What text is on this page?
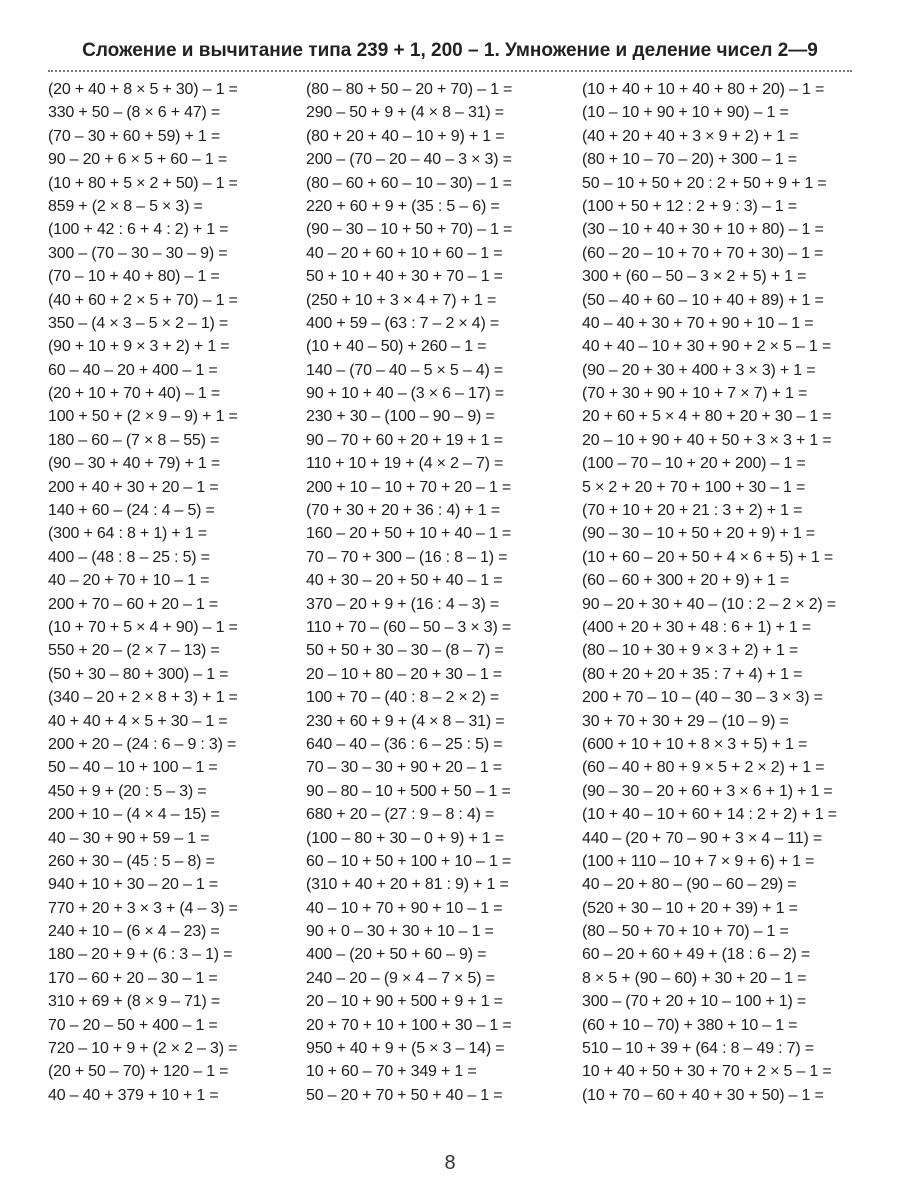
Сложение и вычитание типа 239 + 1, 200 – 1. Умножение и деление чисел 2—9
(20 + 40 + 8 × 5 + 30) – 1 =
330 + 50 – (8 × 6 + 47) =
(70 – 30 + 60 + 59) + 1 =
90 – 20 + 6 × 5 + 60 – 1 =
(10 + 80 + 5 × 2 + 50) – 1 =
859 + (2 × 8 – 5 × 3) =
(100 + 42 : 6 + 4 : 2) + 1 =
300 – (70 – 30 – 30 – 9) =
(70 – 10 + 40 + 80) – 1 =
(40 + 60 + 2 × 5 + 70) – 1 =
350 – (4 × 3 – 5 × 2 – 1) =
(90 + 10 + 9 × 3 + 2) + 1 =
60 – 40 – 20 + 400 – 1 =
(20 + 10 + 70 + 40) – 1 =
100 + 50 + (2 × 9 – 9) + 1 =
180 – 60 – (7 × 8 – 55) =
(90 – 30 + 40 + 79) + 1 =
200 + 40 + 30 + 20 – 1 =
140 + 60 – (24 : 4 – 5) =
(300 + 64 : 8 + 1) + 1 =
400 – (48 : 8 – 25 : 5) =
40 – 20 + 70 + 10 – 1 =
200 + 70 – 60 + 20 – 1 =
(10 + 70 + 5 × 4 + 90) – 1 =
550 + 20 – (2 × 7 – 13) =
(50 + 30 – 80 + 300) – 1 =
(340 – 20 + 2 × 8 + 3) + 1 =
40 + 40 + 4 × 5 + 30 – 1 =
200 + 20 – (24 : 6 – 9 : 3) =
50 – 40 – 10 + 100 – 1 =
450 + 9 + (20 : 5 – 3) =
200 + 10 – (4 × 4 – 15) =
40 – 30 + 90 + 59 – 1 =
260 + 30 – (45 : 5 – 8) =
940 + 10 + 30 – 20 – 1 =
770 + 20 + 3 × 3 + (4 – 3) =
240 + 10 – (6 × 4 – 23) =
180 – 20 + 9 + (6 : 3 – 1) =
170 – 60 + 20 – 30 – 1 =
310 + 69 + (8 × 9 – 71) =
70 – 20 – 50 + 400 – 1 =
720 – 10 + 9 + (2 × 2 – 3) =
(20 + 50 – 70) + 120 – 1 =
40 – 40 + 379 + 10 + 1 =
(80 – 80 + 50 – 20 + 70) – 1 =
290 – 50 + 9 + (4 × 8 – 31) =
(80 + 20 + 40 – 10 + 9) + 1 =
200 – (70 – 20 – 40 – 3 × 3) =
(80 – 60 + 60 – 10 – 30) – 1 =
220 + 60 + 9 + (35 : 5 – 6) =
(90 – 30 – 10 + 50 + 70) – 1 =
40 – 20 + 60 + 10 + 60 – 1 =
50 + 10 + 40 + 30 + 70 – 1 =
(250 + 10 + 3 × 4 + 7) + 1 =
400 + 59 – (63 : 7 – 2 × 4) =
(10 + 40 – 50) + 260 – 1 =
140 – (70 – 40 – 5 × 5 – 4) =
90 + 10 + 40 – (3 × 6 – 17) =
230 + 30 – (100 – 90 – 9) =
90 – 70 + 60 + 20 + 19 + 1 =
110 + 10 + 19 + (4 × 2 – 7) =
200 + 10 – 10 + 70 + 20 – 1 =
(70 + 30 + 20 + 36 : 4) + 1 =
160 – 20 + 50 + 10 + 40 – 1 =
70 – 70 + 300 – (16 : 8 – 1) =
40 + 30 – 20 + 50 + 40 – 1 =
370 – 20 + 9 + (16 : 4 – 3) =
110 + 70 – (60 – 50 – 3 × 3) =
50 + 50 + 30 – 30 – (8 – 7) =
20 – 10 + 80 – 20 + 30 – 1 =
100 + 70 – (40 : 8 – 2 × 2) =
230 + 60 + 9 + (4 × 8 – 31) =
640 – 40 – (36 : 6 – 25 : 5) =
70 – 30 – 30 + 90 + 20 – 1 =
90 – 80 – 10 + 500 + 50 – 1 =
680 + 20 – (27 : 9 – 8 : 4) =
(100 – 80 + 30 – 0 + 9) + 1 =
60 – 10 + 50 + 100 + 10 – 1 =
(310 + 40 + 20 + 81 : 9) + 1 =
40 – 10 + 70 + 90 + 10 – 1 =
90 + 0 – 30 + 30 + 10 – 1 =
400 – (20 + 50 + 60 – 9) =
240 – 20 – (9 × 4 – 7 × 5) =
20 – 10 + 90 + 500 + 9 + 1 =
20 + 70 + 10 + 100 + 30 – 1 =
950 + 40 + 9 + (5 × 3 – 14) =
10 + 60 – 70 + 349 + 1 =
50 – 20 + 70 + 50 + 40 – 1 =
(10 + 40 + 10 + 40 + 80 + 20) – 1 =
(10 – 10 + 90 + 10 + 90) – 1 =
(40 + 20 + 40 + 3 × 9 + 2) + 1 =
(80 + 10 – 70 – 20) + 300 – 1 =
50 – 10 + 50 + 20 : 2 + 50 + 9 + 1 =
(100 + 50 + 12 : 2 + 9 : 3) – 1 =
(30 – 10 + 40 + 30 + 10 + 80) – 1 =
(60 – 20 – 10 + 70 + 70 + 30) – 1 =
300 + (60 – 50 – 3 × 2 + 5) + 1 =
(50 – 40 + 60 – 10 + 40 + 89) + 1 =
40 – 40 + 30 + 70 + 90 + 10 – 1 =
40 + 40 – 10 + 30 + 90 + 2 × 5 – 1 =
(90 – 20 + 30 + 400 + 3 × 3) + 1 =
(70 + 30 + 90 + 10 + 7 × 7) + 1 =
20 + 60 + 5 × 4 + 80 + 20 + 30 – 1 =
20 – 10 + 90 + 40 + 50 + 3 × 3 + 1 =
(100 – 70 – 10 + 20 + 200) – 1 =
5 × 2 + 20 + 70 + 100 + 30 – 1 =
(70 + 10 + 20 + 21 : 3 + 2) + 1 =
(90 – 30 – 10 + 50 + 20 + 9) + 1 =
(10 + 60 – 20 + 50 + 4 × 6 + 5) + 1 =
(60 – 60 + 300 + 20 + 9) + 1 =
90 – 20 + 30 + 40 – (10 : 2 – 2 × 2) =
(400 + 20 + 30 + 48 : 6 + 1) + 1 =
(80 – 10 + 30 + 9 × 3 + 2) + 1 =
(80 + 20 + 20 + 35 : 7 + 4) + 1 =
200 + 70 – 10 – (40 – 30 – 3 × 3) =
30 + 70 + 30 + 29 – (10 – 9) =
(600 + 10 + 10 + 8 × 3 + 5) + 1 =
(60 – 40 + 80 + 9 × 5 + 2 × 2) + 1 =
(90 – 30 – 20 + 60 + 3 × 6 + 1) + 1 =
(10 + 40 – 10 + 60 + 14 : 2 + 2) + 1 =
440 – (20 + 70 – 90 + 3 × 4 – 11) =
(100 + 110 – 10 + 7 × 9 + 6) + 1 =
40 – 20 + 80 – (90 – 60 – 29) =
(520 + 30 – 10 + 20 + 39) + 1 =
(80 – 50 + 70 + 10 + 70) – 1 =
60 – 20 + 60 + 49 + (18 : 6 – 2) =
8 × 5 + (90 – 60) + 30 + 20 – 1 =
300 – (70 + 20 + 10 – 100 + 1) =
(60 + 10 – 70) + 380 + 10 – 1 =
510 – 10 + 39 + (64 : 8 – 49 : 7) =
10 + 40 + 50 + 30 + 70 + 2 × 5 – 1 =
(10 + 70 – 60 + 40 + 30 + 50) – 1 =
8
